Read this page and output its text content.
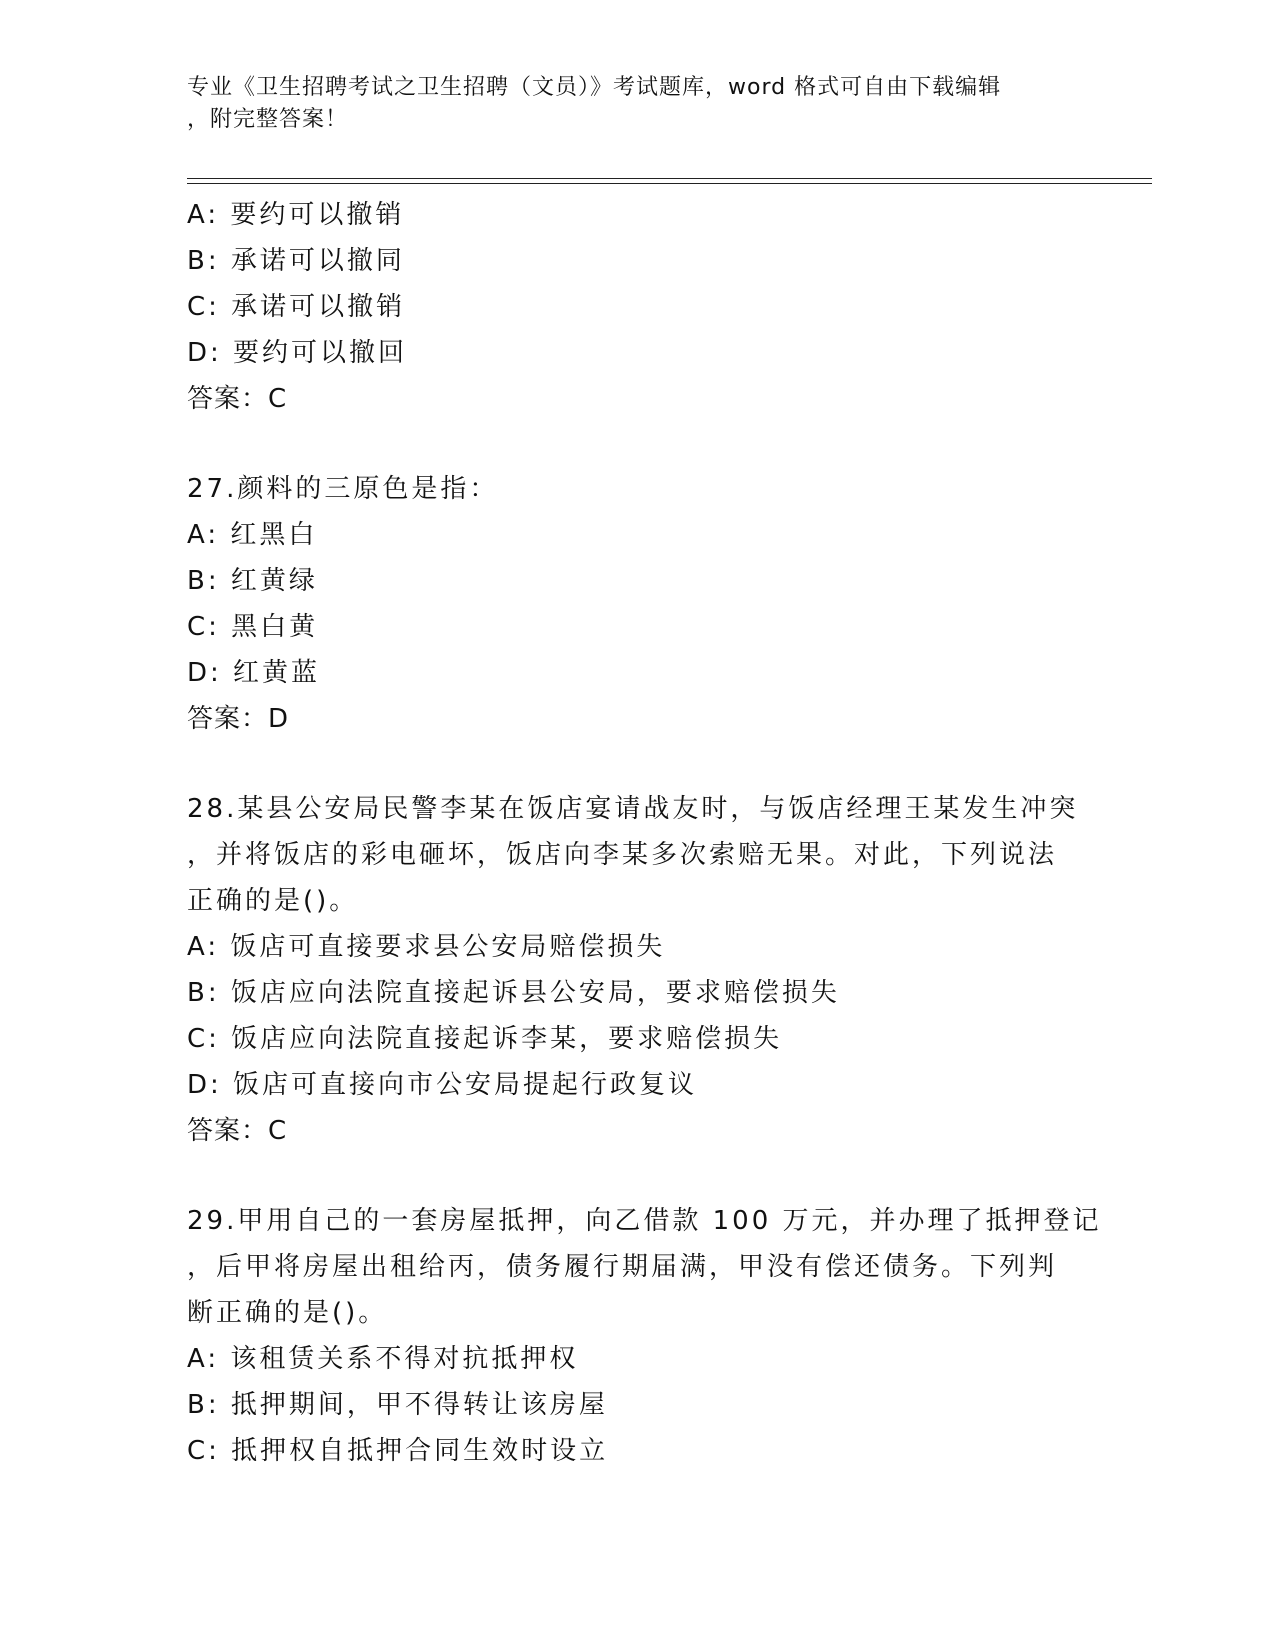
专业《卫生招聘考试之卫生招聘（文员）》考试题库，word 格式可自由下载编辑
，附完整答案！
A: 要约可以撤销
B: 承诺可以撤同
C: 承诺可以撤销
D: 要约可以撤回
答案：C
27.颜料的三原色是指：
A: 红黑白
B: 红黄绿
C: 黑白黄
D: 红黄蓝
答案：D
28.某县公安局民警李某在饭店宴请战友时，与饭店经理王某发生冲突
，并将饭店的彩电砸坏，饭店向李某多次索赔无果。对此，下列说法
正确的是()。
A: 饭店可直接要求县公安局赔偿损失
B: 饭店应向法院直接起诉县公安局，要求赔偿损失
C: 饭店应向法院直接起诉李某，要求赔偿损失
D: 饭店可直接向市公安局提起行政复议
答案：C
29.甲用自己的一套房屋抵押，向乙借款 100 万元，并办理了抵押登记
，后甲将房屋出租给丙，债务履行期届满，甲没有偿还债务。下列判
断正确的是()。
A: 该租赁关系不得对抗抵押权
B: 抵押期间，甲不得转让该房屋
C: 抵押权自抵押合同生效时设立
